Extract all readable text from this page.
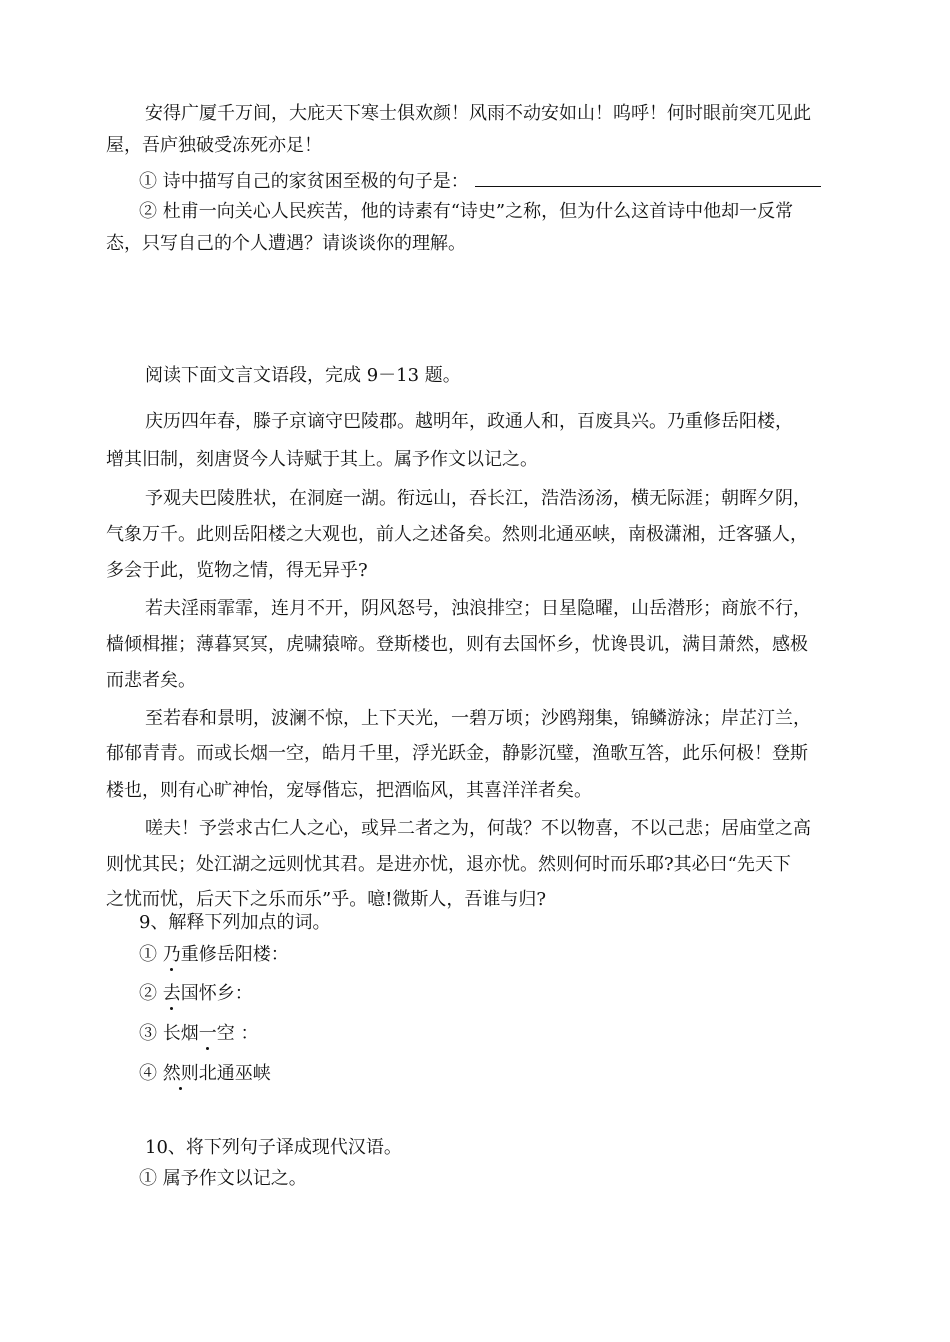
安得广厦千万间，大庇天下寒士俱欢颜！风雨不动安如山！呜呼！何时眼前突兀见此
屋，吾庐独破受冻死亦足！
① 诗中描写自己的家贫困至极的句子是：
② 杜甫一向关心人民疾苦，他的诗素有“诗史”之称，但为什么这首诗中他却一反常
态，只写自己的个人遭遇？请谈谈你的理解。
阅读下面文言文语段，完成 9－13 题。
庆历四年春，滕子京谪守巴陵郡。越明年，政通人和，百废具兴。乃重修岳阳楼，
增其旧制，刻唐贤今人诗赋于其上。属予作文以记之。
予观夫巴陵胜状，在洞庭一湖。衔远山，吞长江，浩浩汤汤，横无际涯；朝晖夕阴，
气象万千。此则岳阳楼之大观也，前人之述备矣。然则北通巫峡，南极潇湘，迁客骚人，
多会于此，览物之情，得无异乎?
若夫淫雨霏霏，连月不开，阴风怒号，浊浪排空；日星隐曜，山岳潜形；商旅不行，
樯倾楫摧；薄暮冥冥，虎啸猿啼。登斯楼也，则有去国怀乡，忧谗畏讥，满目萧然，感极
而悲者矣。
至若春和景明，波澜不惊，上下天光，一碧万顷；沙鸥翔集，锦鳞游泳；岸芷汀兰，
郁郁青青。而或长烟一空，皓月千里，浮光跃金，静影沉璧，渔歌互答，此乐何极！登斯
楼也，则有心旷神怡，宠辱偕忘，把酒临风，其喜洋洋者矣。
嗟夫！予尝求古仁人之心，或异二者之为，何哉？不以物喜，不以己悲；居庙堂之高
则忧其民；处江湖之远则忧其君。是进亦忧，退亦忧。然则何时而乐耶?其必曰“先天下
之忧而忧，后天下之乐而乐”乎。噫!微斯人，吾谁与归?
9、解释下列加点的词。
① 乃重修岳阳楼：
② 去国怀乡：
③ 长烟一空 ：
④ 然则北通巫峡
10、将下列句子译成现代汉语。
① 属予作文以记之。
